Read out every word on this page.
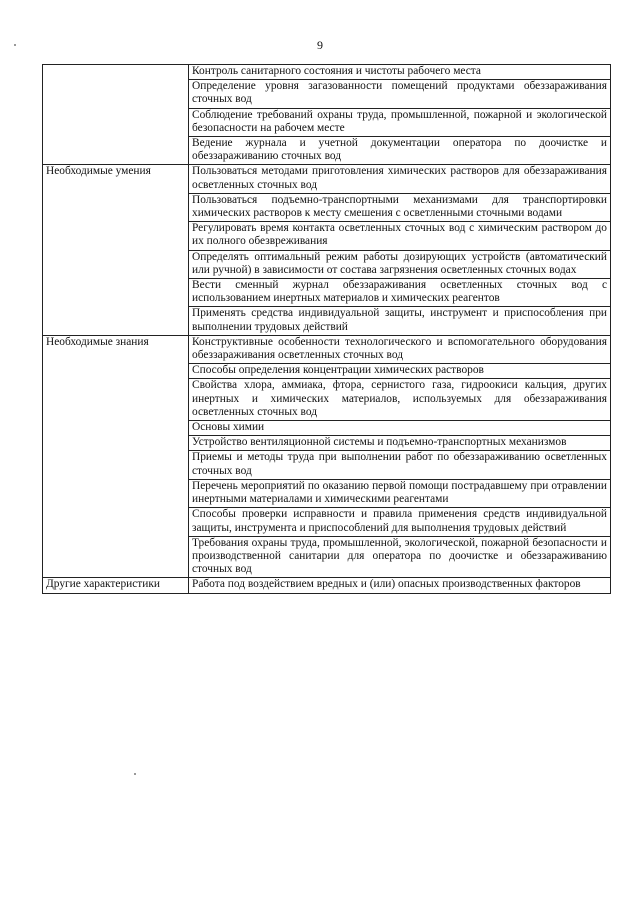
9
	Контроль санитарного состояния и чистоты рабочего места
	Определение уровня загазованности помещений продуктами обеззараживания сточных вод
	Соблюдение требований охраны труда, промышленной, пожарной и экологической безопасности на рабочем месте
	Ведение журнала и учетной документации оператора по доочистке и обеззараживанию сточных вод
Необходимые умения	Пользоваться методами приготовления химических растворов для обеззараживания осветленных сточных вод
	Пользоваться подъемно-транспортными механизмами для транспортировки химических растворов к месту смешения с осветленными сточными водами
	Регулировать время контакта осветленных сточных вод с химическим раствором до их полного обезвреживания
	Определять оптимальный режим работы дозирующих устройств (автоматический или ручной) в зависимости от состава загрязнения осветленных сточных водах
	Вести сменный журнал обеззараживания осветленных сточных вод с использованием инертных материалов и химических реагентов
	Применять средства индивидуальной защиты, инструмент и приспособления при выполнении трудовых действий
Необходимые знания	Конструктивные особенности технологического и вспомогательного оборудования обеззараживания осветленных сточных вод
	Способы определения концентрации химических растворов
	Свойства хлора, аммиака, фтора, сернистого газа, гидроокиси кальция, других инертных и химических материалов, используемых для обеззараживания осветленных сточных вод
	Основы химии
	Устройство вентиляционной системы и подъемно-транспортных механизмов
	Приемы и методы труда при выполнении работ по обеззараживанию осветленных сточных вод
	Перечень мероприятий по оказанию первой помощи пострадавшему при отравлении инертными материалами и химическими реагентами
	Способы проверки исправности и правила применения средств индивидуальной защиты, инструмента и приспособлений для выполнения трудовых действий
	Требования охраны труда, промышленной, экологической, пожарной безопасности и производственной санитарии для оператора по доочистке и обеззараживанию сточных вод
Другие характеристики	Работа под воздействием вредных и (или) опасных производственных факторов
